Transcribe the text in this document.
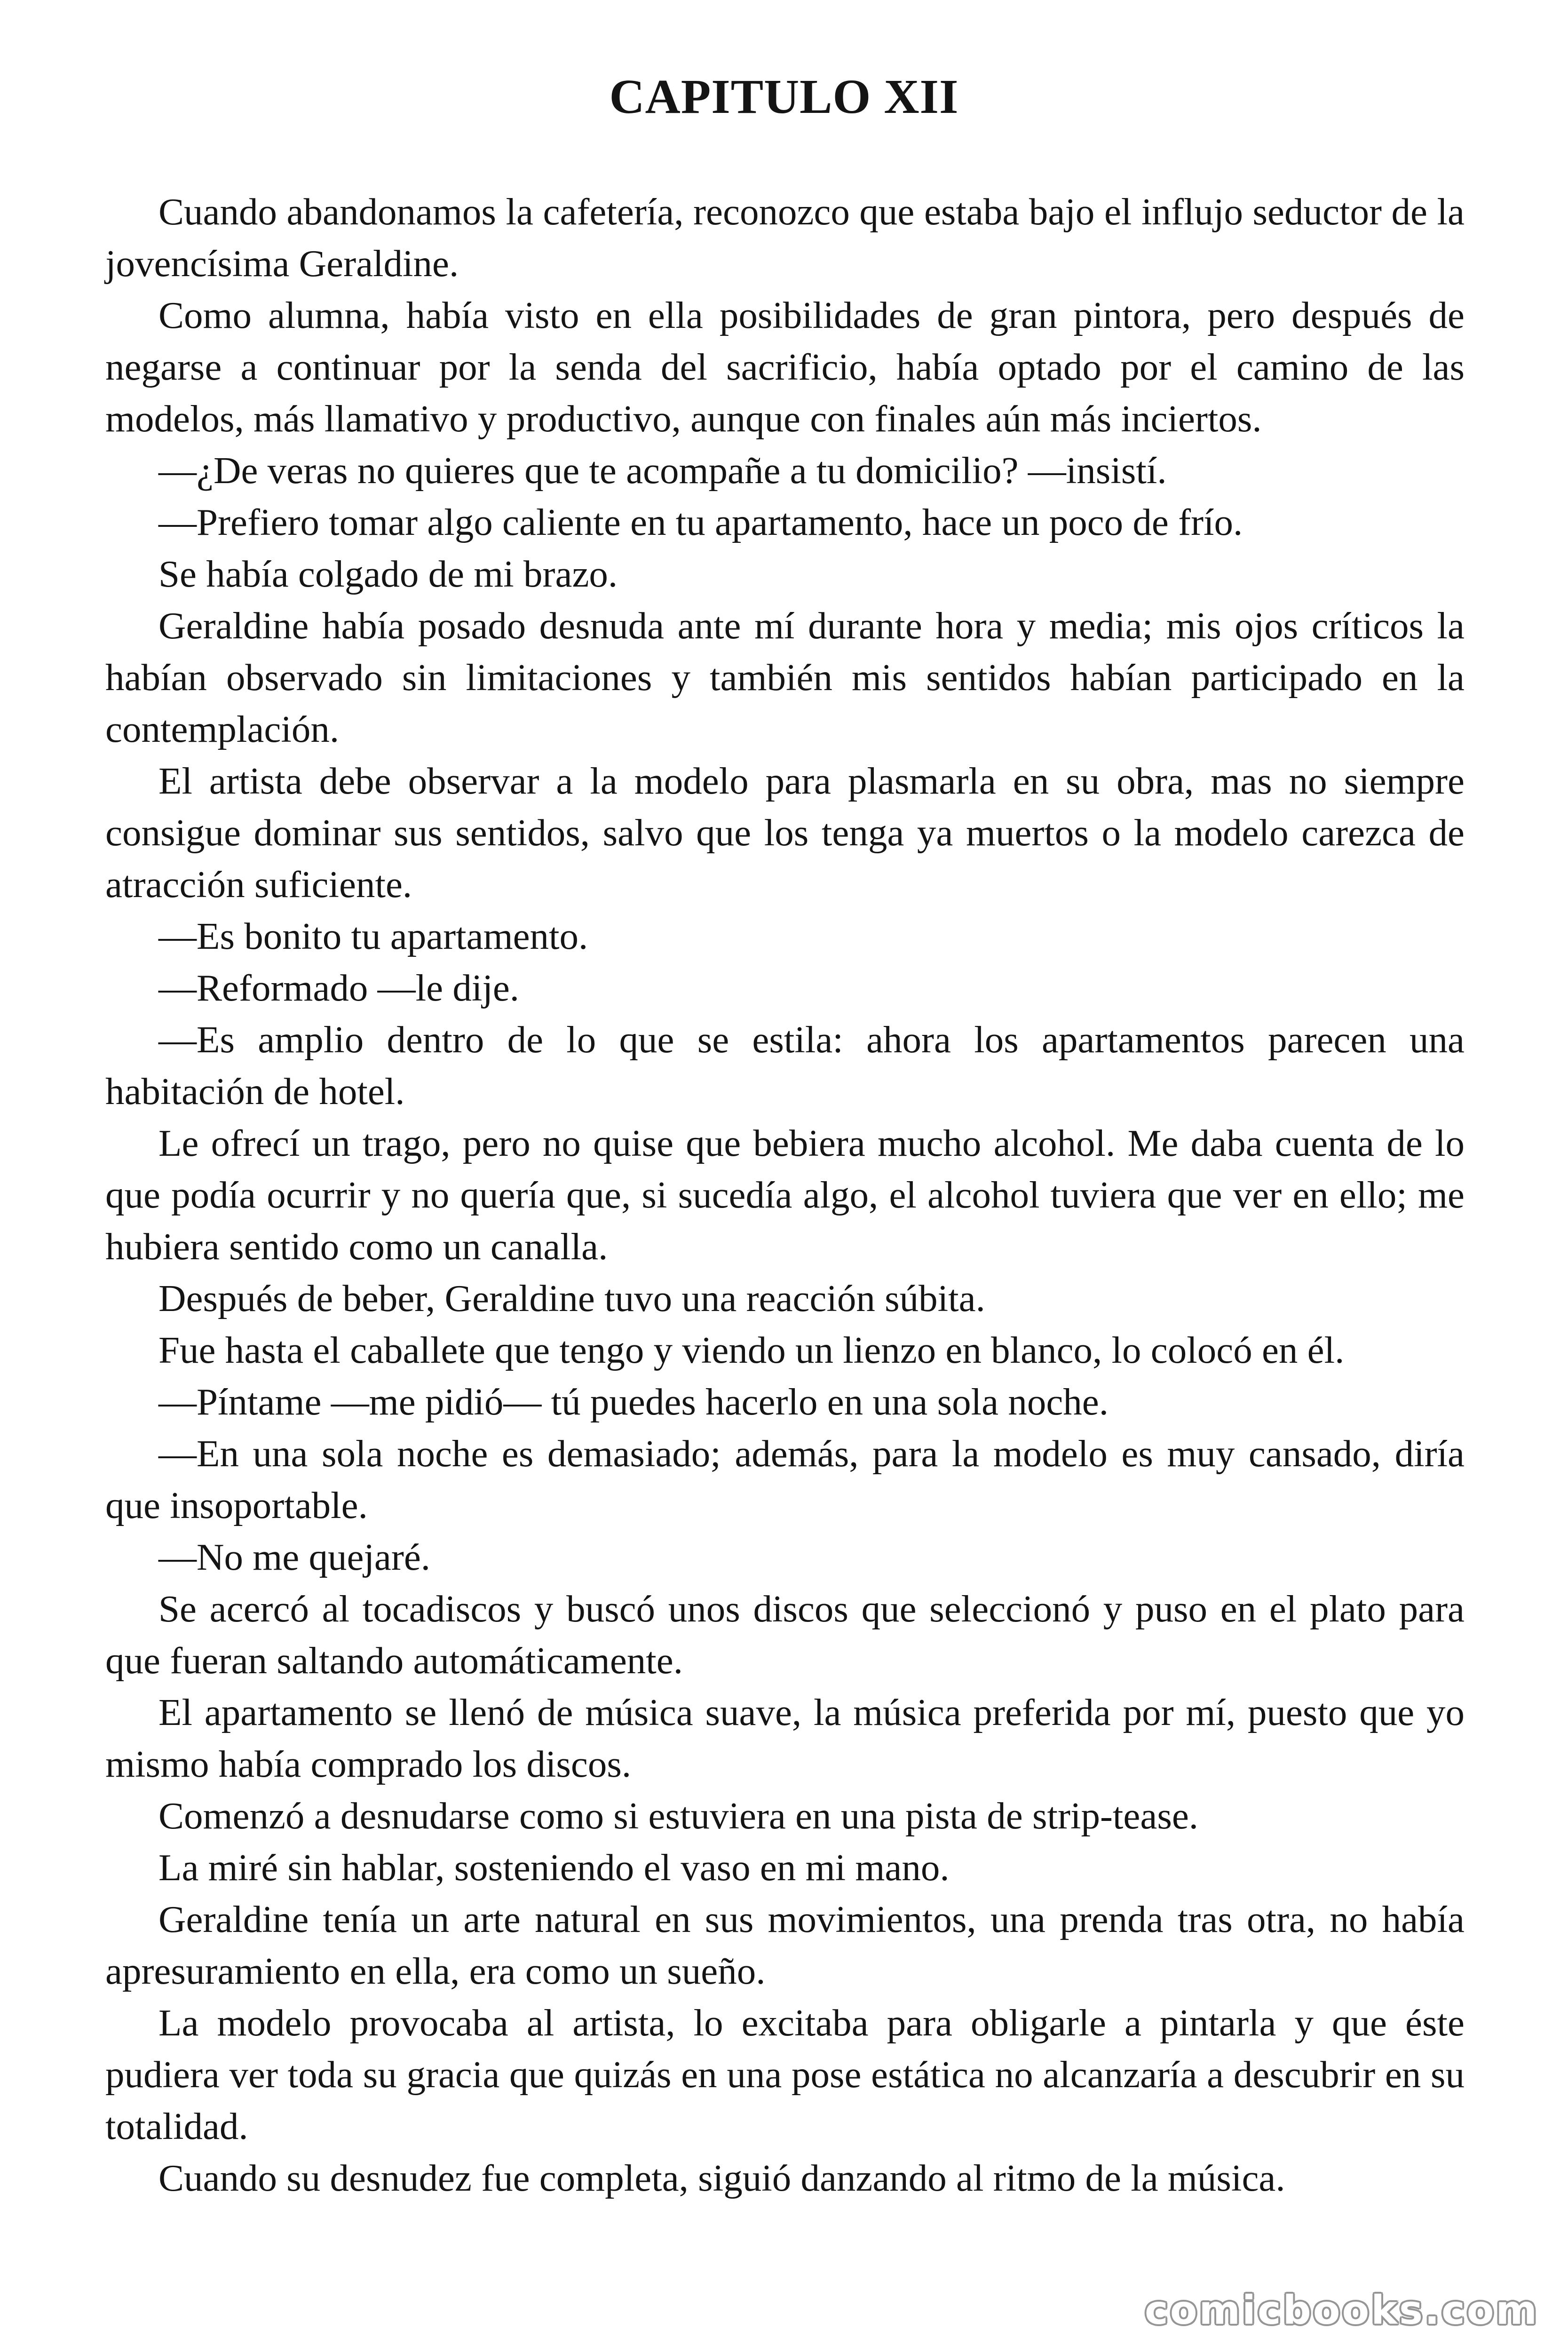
CAPITULO XII

Cuando abandonamos la cafetería, reconozco que estaba bajo el influjo seductor de la jovencísima Geraldine.

Como alumna, había visto en ella posibilidades de gran pintora, pero después de negarse a continuar por la senda del sacrificio, había optado por el camino de las modelos, más llamativo y productivo, aunque con finales aún más inciertos.

—¿De veras no quieres que te acompañe a tu domicilio? —insistí.

—Prefiero tomar algo caliente en tu apartamento, hace un poco de frío.

Se había colgado de mi brazo.

Geraldine había posado desnuda ante mí durante hora y media; mis ojos críticos la habían observado sin limitaciones y también mis sentidos habían participado en la contemplación.

El artista debe observar a la modelo para plasmarla en su obra, mas no siempre consigue dominar sus sentidos, salvo que los tenga ya muertos o la modelo carezca de atracción suficiente.

—Es bonito tu apartamento.

—Reformado —le dije.

—Es amplio dentro de lo que se estila: ahora los apartamentos parecen una habitación de hotel.

Le ofrecí un trago, pero no quise que bebiera mucho alcohol. Me daba cuenta de lo que podía ocurrir y no quería que, si sucedía algo, el alcohol tuviera que ver en ello; me hubiera sentido como un canalla.

Después de beber, Geraldine tuvo una reacción súbita.

Fue hasta el caballete que tengo y viendo un lienzo en blanco, lo colocó en él.

—Píntame —me pidió— tú puedes hacerlo en una sola noche.

—En una sola noche es demasiado; además, para la modelo es muy cansado, diría que insoportable.

—No me quejaré.

Se acercó al tocadiscos y buscó unos discos que seleccionó y puso en el plato para que fueran saltando automáticamente.

El apartamento se llenó de música suave, la música preferida por mí, puesto que yo mismo había comprado los discos.

Comenzó a desnudarse como si estuviera en una pista de strip-tease.

La miré sin hablar, sosteniendo el vaso en mi mano.

Geraldine tenía un arte natural en sus movimientos, una prenda tras otra, no había apresuramiento en ella, era como un sueño.

La modelo provocaba al artista, lo excitaba para obligarle a pintarla y que éste pudiera ver toda su gracia que quizás en una pose estática no alcanzaría a descubrir en su totalidad.

Cuando su desnudez fue completa, siguió danzando al ritmo de la música.

comicbooks.com
